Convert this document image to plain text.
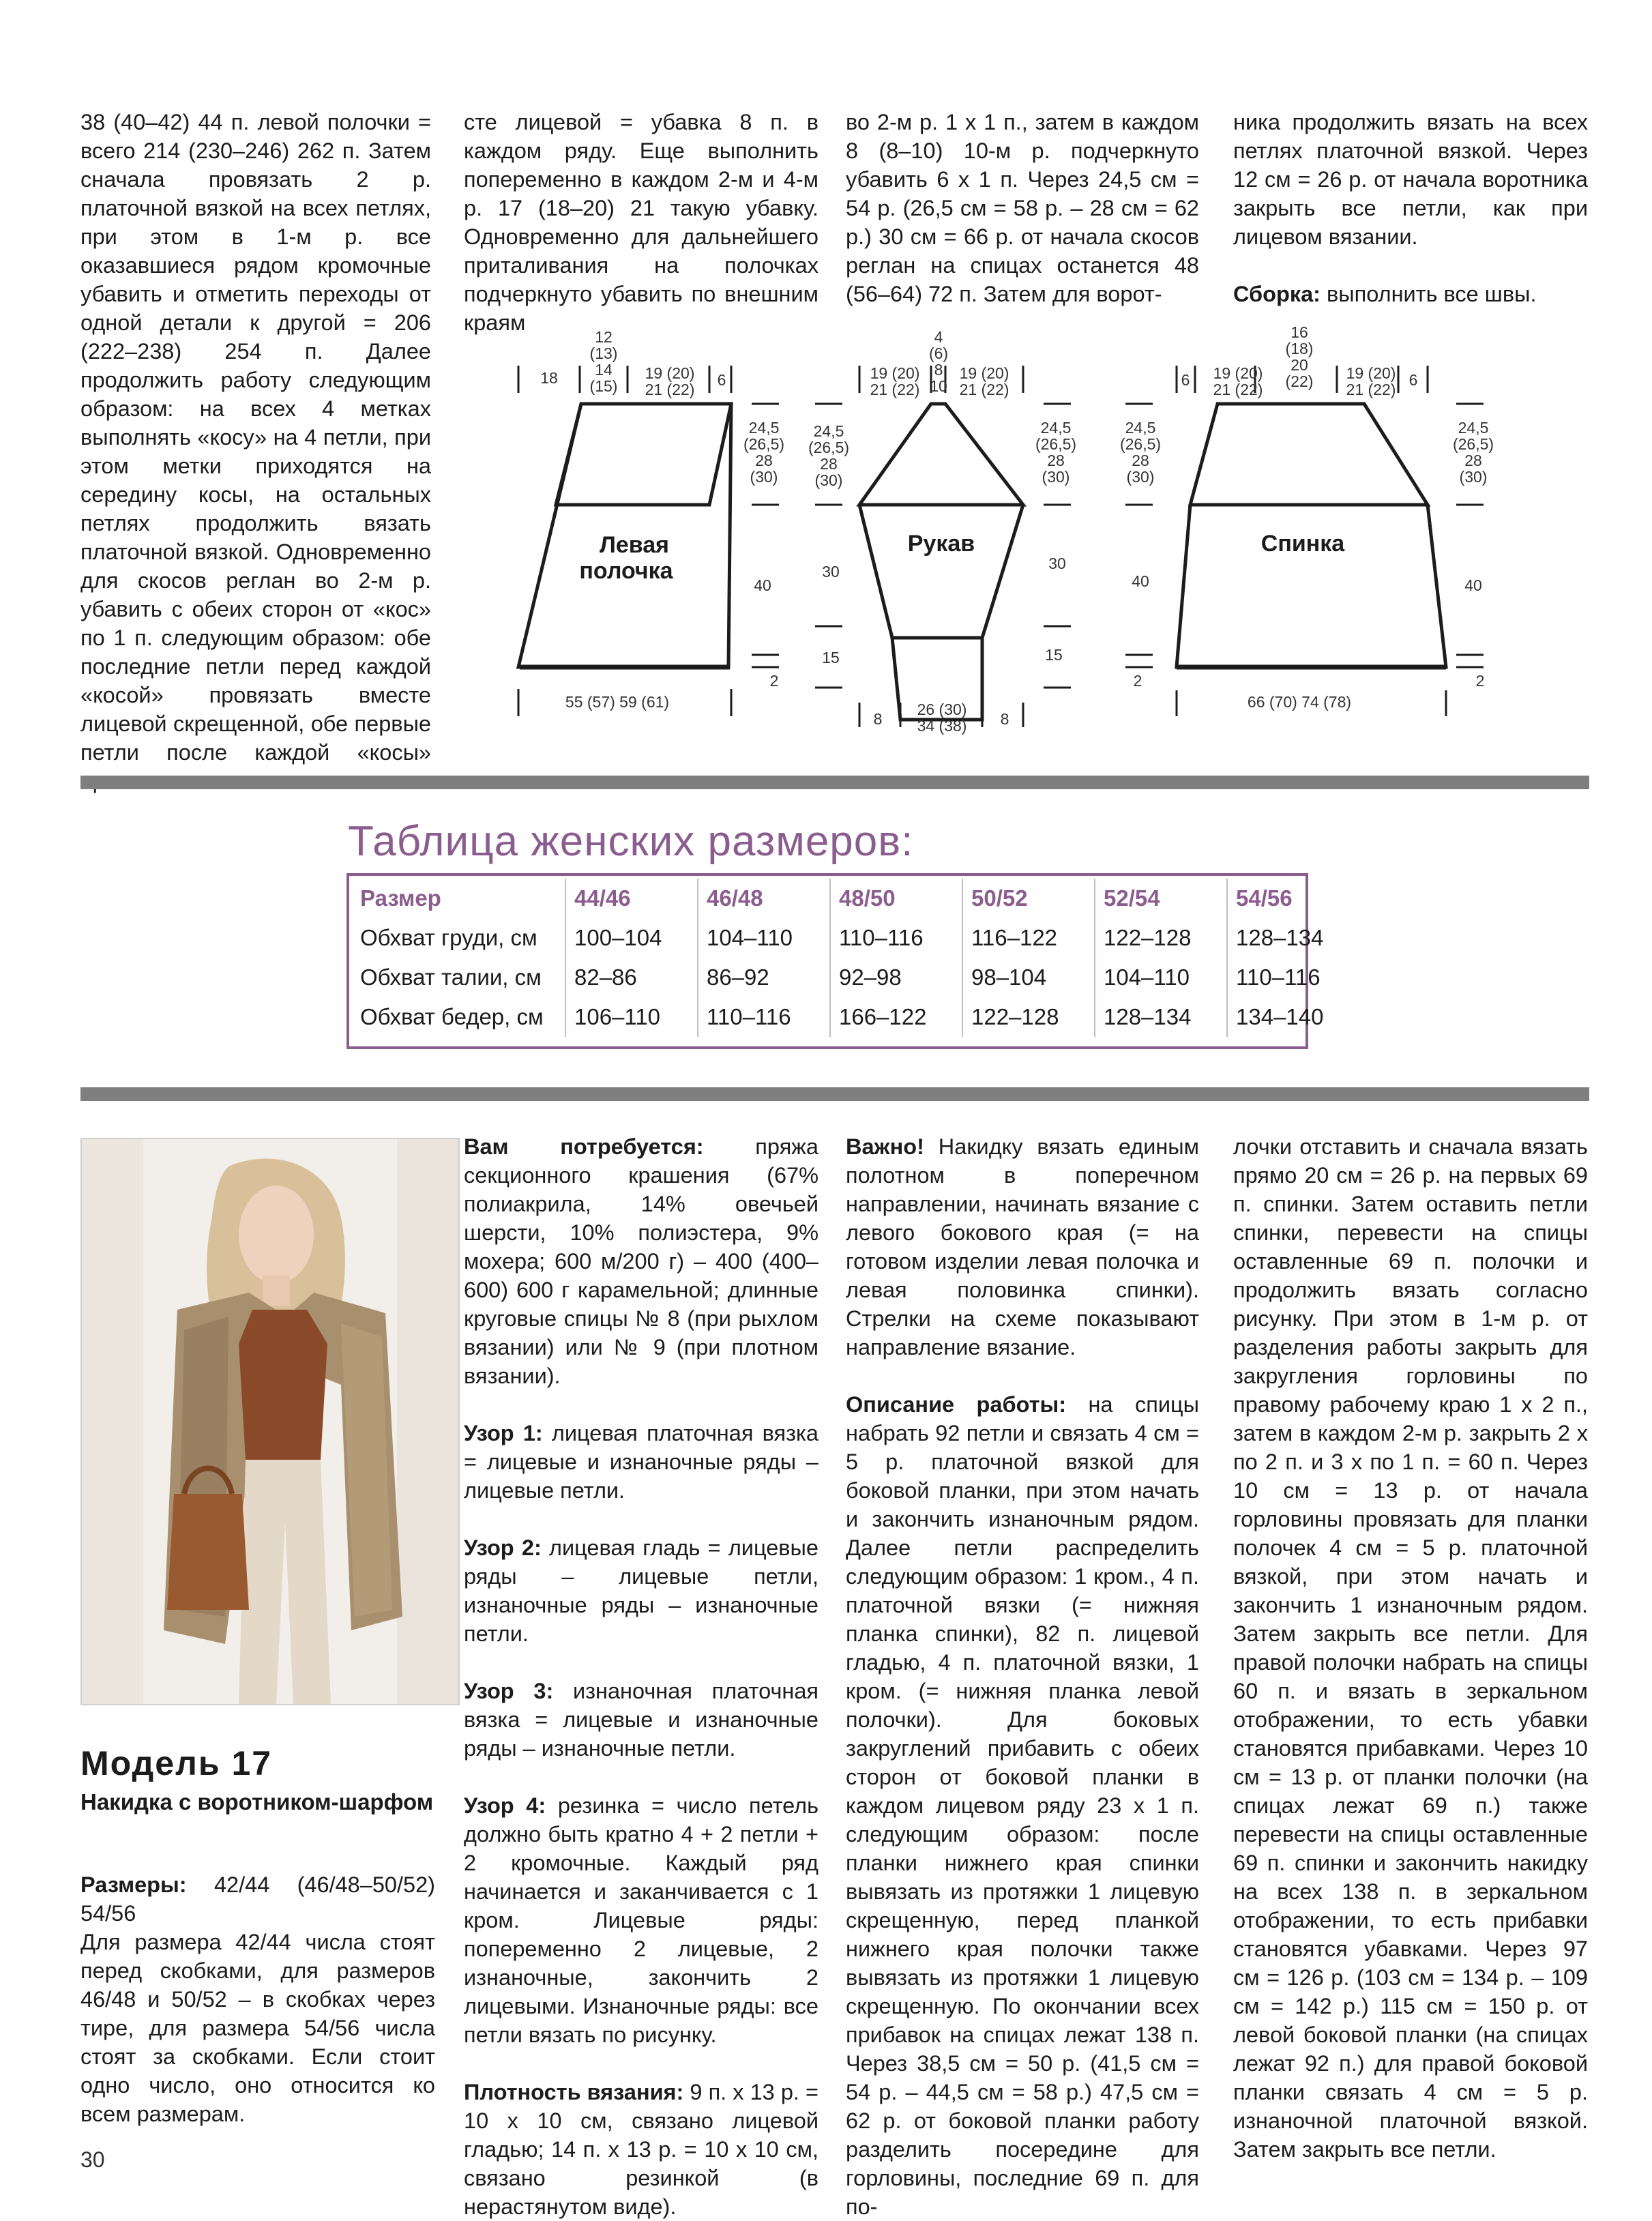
38 (40–42) 44 п. левой полочки = всего 214 (230–246) 262 п. Затем сначала провязать 2 р. платочной вязкой на всех петлях, при этом в 1-м р. все оказавшиеся рядом кромочные убавить и отметить переходы от одной детали к другой = 206 (222–238) 254 п. Далее продолжить работу следующим образом: на всех 4 метках выполнять «косу» на 4 петли, при этом метки приходятся на середину косы, на остальных петлях продолжить вязать платочной вязкой. Одновременно для скосов реглан во 2-м р. убавить с обеих сторон от «кос» по 1 п. следующим образом: обе последние петли перед каждой «косой» провязать вместе лицевой скрещенной, обе первые петли после каждой «косы»

сте лицевой = убавка 8 п. в каждом ряду. Еще выполнить попеременно в каждом 2-м и 4-м р. 17 (18–20) 21 такую убавку. Одновременно для дальнейшего приталивания на полочках подчеркнуто убавить по внешним краям

во 2-м р. 1 х 1 п., затем в каждом 8 (8–10) 10-м р. подчеркнуто убавить 6 х 1 п. Через 24,5 см = 54 р. (26,5 см = 58 р. – 28 см = 62 р.) 30 см = 66 р. от начала скосов реглан на спицах останется 48 (56–64) 72 п. Затем для ворот-

ника продолжить вязать на всех петлях платочной вязкой. Через 12 см = 26 р. от начала воротника закрыть все петли, как при лицевом вязании.

Сборка: выполнить все швы.

Левая
полочка
18
12
(13)
14
(15)
19 (20)
21 (22)
6
24,5
(26,5)
28
(30)
40
2
55 (57) 59 (61)
Рукав
19 (20)
21 (22)
4
(6)
8
10
19 (20)
21 (22)
24,5
(26,5)
28
(30)
24,5
(26,5)
28
(30)
30	30
15	15
8
26 (30)
34 (38) 8
Спинка
6 19 (20)
21 (22)
16
(18)
20
(22) 19 (20)
21 (22)
6
24,5
(26,5)
28
(30)
24,5
(26,5)
28
(30)
40	40
2	2
66 (70) 74 (78)
Таблица женских размеров:
Размер	44/46	46/48	48/50	50/52	52/54	54/56
Обхват груди, см	100–104	104–110	110–116	116–122	122–128	128–134
Обхват талии, см	82–86	86–92	92–98	98–104	104–110	110–116
Обхват бедер, см	106–110	110–116	166–122	122–128	128–134	134–140
Модель 17
Накидка с воротником-шарфом

Размеры: 42/44 (46/48–50/52) 54/56

Для размера 42/44 числа стоят перед скобками, для размеров 46/48 и 50/52 – в скобках через тире, для размера 54/56 числа стоят за скобками. Если стоит одно число, оно относится ко всем размерам.

Вам потребуется: пряжа секционного крашения (67% полиакрила, 14% овечьей шерсти, 10% полиэстера, 9% мохера; 600 м/200 г) – 400 (400–600) 600 г карамельной; длинные круговые спицы № 8 (при рыхлом вязании) или № 9 (при плотном вязании).

Узор 1: лицевая платочная вязка = лицевые и изнаночные ряды – лицевые петли.

Узор 2: лицевая гладь = лицевые ряды – лицевые петли, изнаночные ряды – изнаночные петли.

Узор 3: изнаночная платочная вязка = лицевые и изнаночные ряды – изнаночные петли.

Узор 4: резинка = число петель должно быть кратно 4 + 2 петли + 2 кромочные. Каждый ряд начинается и заканчивается с 1 кром. Лицевые ряды: попеременно 2 лицевые, 2 изнаночные, закончить 2 лицевыми. Изнаночные ряды: все петли вязать по рисунку.

Плотность вязания: 9 п. х 13 р. = 10 х 10 см, связано лицевой гладью; 14 п. х 13 р. = 10 х 10 см, связано резинкой (в нерастянутом виде).

Важно! Накидку вязать единым полотном в поперечном направлении, начинать вязание с левого бокового края (= на готовом изделии левая полочка и левая половинка спинки). Стрелки на схеме показывают направление вязание.

Описание работы: на спицы набрать 92 петли и связать 4 см = 5 р. платочной вязкой для боковой планки, при этом начать и закончить изнаночным рядом. Далее петли распределить следующим образом: 1 кром., 4 п. платочной вязки (= нижняя планка спинки), 82 п. лицевой гладью, 4 п. платочной вязки, 1 кром. (= нижняя планка левой полочки). Для боковых закруглений прибавить с обеих сторон от боковой планки в каждом лицевом ряду 23 х 1 п. следующим образом: после планки нижнего края спинки вывязать из протяжки 1 лицевую скрещенную, перед планкой нижнего края полочки также вывязать из протяжки 1 лицевую скрещенную. По окончании всех прибавок на спицах лежат 138 п. Через 38,5 см = 50 р. (41,5 см = 54 р. – 44,5 см = 58 р.) 47,5 см = 62 р. от боковой планки работу разделить посередине для горловины, последние 69 п. для по-

лочки отставить и сначала вязать прямо 20 см = 26 р. на первых 69 п. спинки. Затем оставить петли спинки, перевести на спицы оставленные 69 п. полочки и продолжить вязать согласно рисунку. При этом в 1-м р. от разделения работы закрыть для закругления горловины по правому рабочему краю 1 х 2 п., затем в каждом 2-м р. закрыть 2 х по 2 п. и 3 х по 1 п. = 60 п. Через 10 см = 13 р. от начала горловины провязать для планки полочек 4 см = 5 р. платочной вязкой, при этом начать и закончить 1 изнаночным рядом. Затем закрыть все петли. Для правой полочки набрать на спицы 60 п. и вязать в зеркальном отображении, то есть убавки становятся прибавками. Через 10 см = 13 р. от планки полочки (на спицах лежат 69 п.) также перевести на спицы оставленные 69 п. спинки и закончить накидку на всех 138 п. в зеркальном отображении, то есть прибавки становятся убавками. Через 97 см = 126 р. (103 см = 134 р. – 109 см = 142 р.) 115 см = 150 р. от левой боковой планки (на спицах лежат 92 п.) для правой боковой планки связать 4 см = 5 р. изнаночной платочной вязкой. Затем закрыть все петли.

30
